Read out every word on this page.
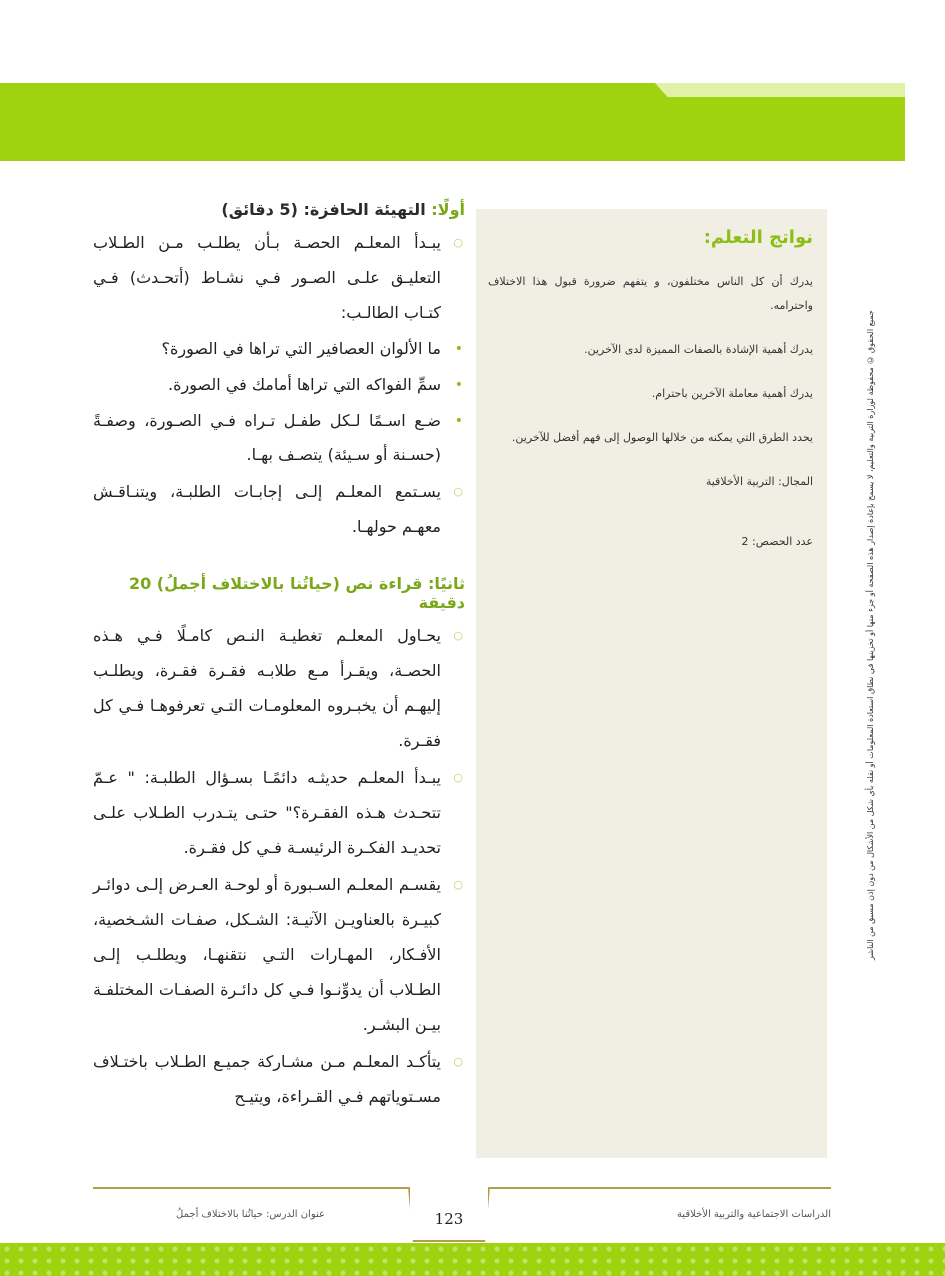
أولًا: التهيئة الحافزة: (5 دقائق)
○
يبـدأ المعلـم الحصـة بـأن يطلـب مـن الطـلاب التعليـق علـى الصـور فـي نشـاط (أتحـدث) فـي كتـاب الطالـب:
•
ما الألوان العصافير التي تراها في الصورة؟
•
سمِّ الفواكه التي تراها أمامك في الصورة.
•
ضـع اسـمًا لـكل طفـل تـراه فـي الصـورة، وصفـةً (حسـنة أو سـيئة) يتصـف بهـا.
○
يسـتمع المعلـم إلـى إجابـات الطلبـة، ويتنـاقـش معهـم حولهـا.
ثانيًا: قراءة نص (حياتُنا بالاختلاف أجملُ) 20 دقيقة
○
يحـاول المعلـم تغطيـة النـص كامـلًا فـي هـذه الحصـة، ويقـرأ مـع طلابـه فقـرة فقـرة، ويطلـب إليهـم أن يخبـروه المعلومـات التـي تعرفوهـا فـي كل فقـرة.
○
يبـدأ المعلـم حديثـه دائمًـا بسـؤال الطلبـة: " عـمّ تتحـدث هـذه الفقـرة؟" حتـى يتـدرب الطـلاب علـى تحديـد الفكـرة الرئيسـة فـي كل فقـرة.
○
يقسـم المعلـم السـبورة أو لوحـة العـرض إلـى دوائـر كبيـرة بالعناويـن الآتيـة: الشـكل، صفـات الشـخصية، الأفـكار، المهـارات التـي نتقنهـا، ويطلـب إلـى الطـلاب أن يدوِّنـوا فـي كل دائـرة الصفـات المختلفـة بيـن البشـر.
○
يتأكـد المعلـم مـن مشـاركة جميـع الطـلاب باختـلاف مسـتوياتهم فـي القـراءة، ويتيـح
نواتج التعلم:

يدرك أن كل الناس مختلفون، و يتفهم ضرورة قبول هذا الاختلاف واحترامه.

يدرك أهمية الإشادة بالصفات المميزة لدى الآخرين.

يدرك أهمية معاملة الآخرين باحترام.

يحدد الطرق التي يمكنه من خلالها الوصول إلى فهم أفضل للآخرين.

المجال: التربية الأخلاقية

عدد الحصص: 2	جميع الحقوق © محفوظة لوزارة التربية والتعليم، لا يسمح بإعادة إصدار هذه الصفحة أو جزء منها أو تخزينها في نطاق استعادة المعلومات أو نقله بأي شكل من الأشكال من دون إذن مسبق من الناشر
123
عنوان الدرس: حياتُنا بالاختلاف أجملُ	الدراسات الاجتماعية والتربية الأخلاقية
